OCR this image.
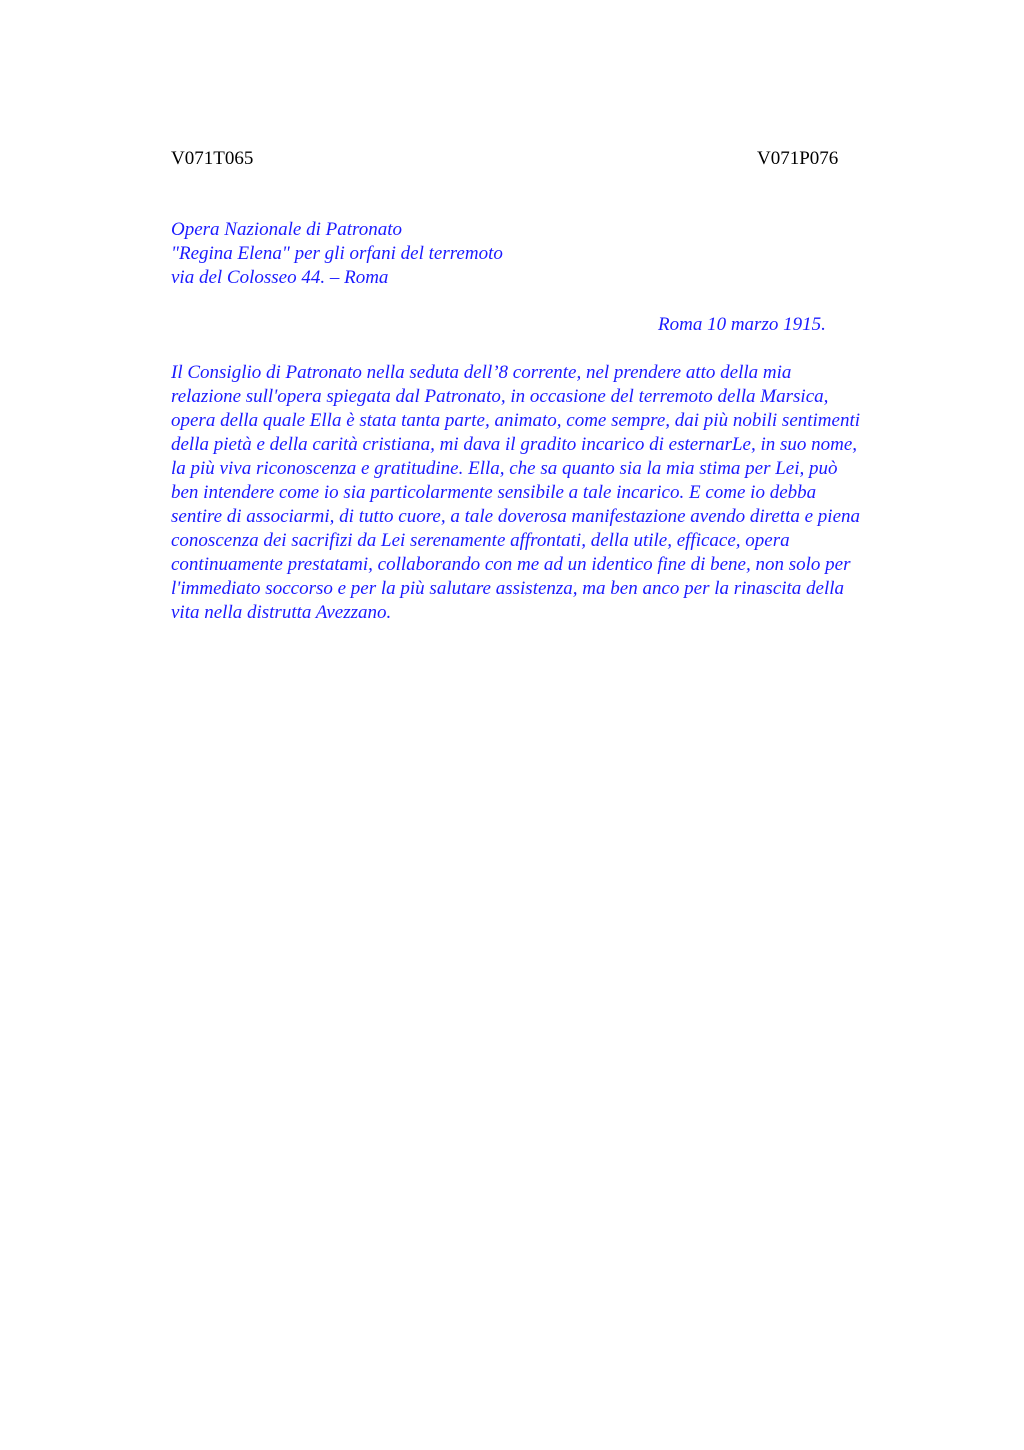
V071T065	V071P076
Opera Nazionale di Patronato
"Regina Elena" per gli orfani del terremoto
via del Colosseo 44. – Roma
Roma 10 marzo 1915.

Il Consiglio di Patronato nella seduta dell’8 corrente, nel prendere atto della mia
relazione sull'opera spiegata dal Patronato, in occasione del terremoto della Marsica,
opera della quale Ella è stata tanta parte, animato, come sempre, dai più nobili sentimenti
della pietà e della carità cristiana, mi dava il gradito incarico di esternarLe, in suo nome,
la più viva riconoscenza e gratitudine. Ella, che sa quanto sia la mia stima per Lei, può
ben intendere come io sia particolarmente sensibile a tale incarico. E come io debba
sentire di associarmi, di tutto cuore, a tale doverosa manifestazione avendo diretta e piena
conoscenza dei sacrifizi da Lei serenamente affrontati, della utile, efficace, opera
continuamente prestatami, collaborando con me ad un identico fine di bene, non solo per
l'immediato soccorso e per la più salutare assistenza, ma ben anco per la rinascita della
vita nella distrutta Avezzano.
